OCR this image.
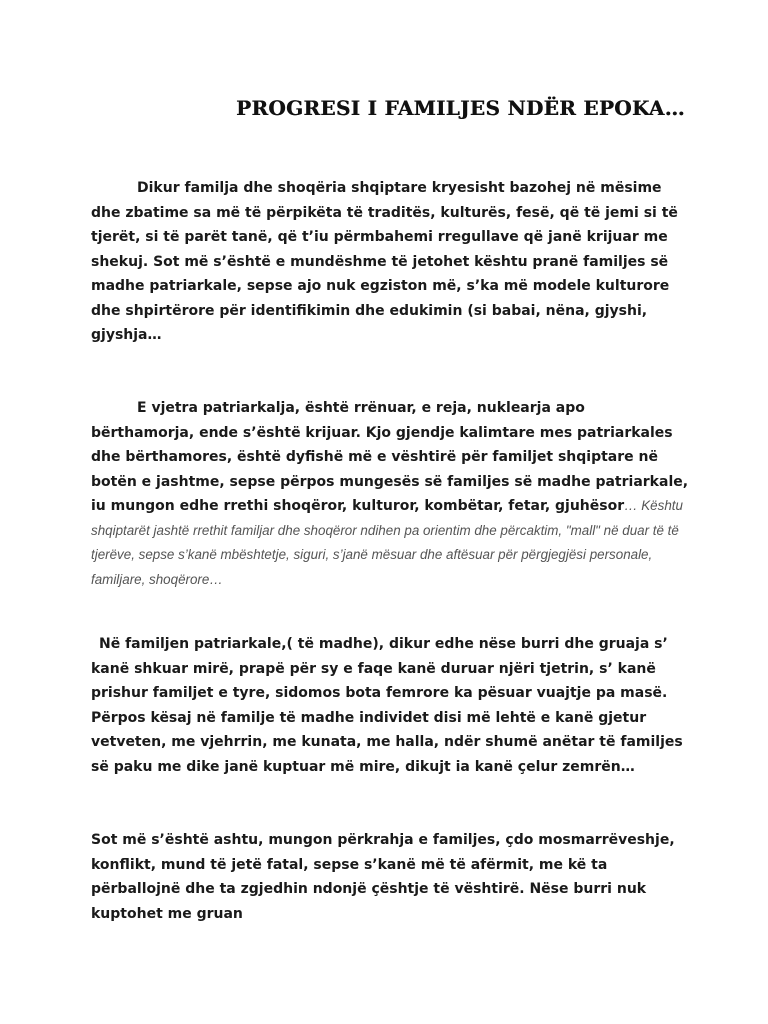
PROGRESI I FAMILJES NDËR EPOKA…

Dikur familja dhe shoqëria shqiptare kryesisht bazohej në mësime dhe zbatime sa më të përpikëta të traditës, kulturës, fesë, që të jemi si të tjerët, si të parët tanë, që t’iu përmbahemi rregullave që janë krijuar me shekuj. Sot më s’është e mundëshme të jetohet kështu pranë familjes së madhe patriarkale, sepse ajo nuk egziston më, s’ka më modele kulturore dhe shpirtërore për identifikimin dhe edukimin (si babai, nëna, gjyshi, gjyshja…

E vjetra patriarkalja, është rrënuar, e reja, nuklearja apo bërthamorja, ende s’është krijuar. Kjo gjendje kalimtare mes patriarkales dhe bërthamores, është dyfishë më e vështirë për familjet shqiptare në botën e jashtme, sepse përpos mungesës së familjes së madhe patriarkale, iu mungon edhe rrethi shoqëror, kulturor, kombëtar, fetar, gjuhësor… Kështu shqiptarët jashtë rrethit familjar dhe shoqëror ndihen pa orientim dhe përcaktim, "mall" në duar të të tjerëve, sepse s’kanë mbështetje, siguri, s’janë mësuar dhe aftësuar për përgjegjësi personale, familjare, shoqërore…

Në familjen patriarkale,( të madhe), dikur edhe nëse burri dhe gruaja s’ kanë shkuar mirë, prapë për sy e faqe kanë duruar njëri tjetrin, s’ kanë prishur familjet e tyre, sidomos bota femrore ka pësuar vuajtje pa masë. Përpos kësaj në familje të madhe individet disi më lehtë e kanë gjetur vetveten, me vjehrrin, me kunata, me halla, ndër shumë anëtar të familjes së paku me dike janë kuptuar më mire, dikujt ia kanë çelur zemrën…

Sot më s’është ashtu, mungon përkrahja e familjes, çdo mosmarrëveshje, konflikt, mund të jetë fatal, sepse s’kanë më të afërmit, me kë ta përballojnë dhe ta zgjedhin ndonjë çështje të vështirë. Nëse burri nuk kuptohet me gruan
